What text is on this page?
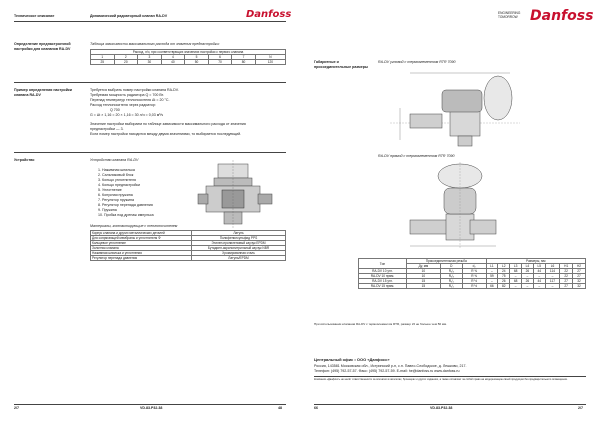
Техническое описание	Динамический радиаторный клапан RA-DV	Danfoss
Определение преднастроечной настройки для клапанов RA-DV
Таблица зависимости максимального расхода от значения преднастройки:
Расход, л/ч, при соответствующих значениях настройки с первого клапана							
1	2	3	4	5	6	7	N
25	20	30	40	50	70	80	120
Пример определения настройки клапана RA-DV
Требуется выбрать номер настройки клапана RA-DV.
Требуемая мощность радиатора Q = 700 Вт.
Перепад температур теплоносителя Δt = 20 °С.
Расход теплоносителя через радиатор:
Q 700
G = Δt × 1,16 = 20 × 1,16 = 30 л/ч = 0,03 м³/ч
Значение настройки выбираем по таблице зависимости максимального расхода от значения
преднастройки — 3.
Если номер настройки находится между двумя значениями, то выбирается последующий.
Устройство	Устройство клапана RA-DV
1. Нажимная шпилька
2. Сальниковый блок
3. Кольцо уплотнителя
4. Кольцо преднастройки
5. Уплотнение
6. Конусная пружина
7. Регулятор пружина
8. Регулятор перепада давления
9. Пружина
10. Пробка под дренаж импульса
Материалы, контактирующие с теплоносителем
Корпус клапана и других металлических деталей	Латунь
Для сопрягающей мембраны и уплотнителя Ф	Полифенилсульфид PPS
Кольцевое уплотнение	Этилен-пропиленовый каучук EPDM
Золотник клапана	Бутадиен-акрилонитрильный каучук NBR
Нажимная шпилька и уплотнения	Хромированная сталь
Регулятор перепада давления	Латунь/EPDM
2/7	VD.83.P32.38	48
ENGINEERING
TOMORROW Danfoss
Габаритные и присоединительные размеры
RA-DV угловой с термоэлементом RTR 7090
RA-DV прямой с термоэлементом RTR 7090
Тип	Присоединительная резьба			Размеры, мм							
	Ду, мм	D	d₂	L1	L2	L3	L4	L5	L6	H1	H2
RA-DV 10 угл.	10	R₁⁄₈	R ⅜	–	24	68	26	44	114	22	27
RA-DV 10 прям.	10	R₁⁄₈	R ⅜	59	75	–	–	–	–	22	27
RA-DV 15 угл.	15	R₁⁄₂	R ½	–	26	68	26	44	117	27	32
RA-DV 15 прям.	15	R₁⁄₂	R ½	66	82	–	–	–	–	27	32
При использовании клапанов RA-DV с термоэлементом RTR, размер L5 не больше чем 56 мм.
Центральный офис • ООО «Данфосс»
Россия, 143581 Московская обл., Истринский р-н, с.п. Павло-Слободское, д. Лешково, 217.
Телефон: (495) 792-57-57. Факс: (495) 792-57-59. E-mail: he@danfoss.ru www.danfoss.ru
Компания «Данфосс» не несёт ответственности за опечатки в каталогах, брошюрах и других изданиях, а также оставляет за собой право на модернизацию своей продукции без предварительного оповещения.
66	VD.83.P32.38	2/7
